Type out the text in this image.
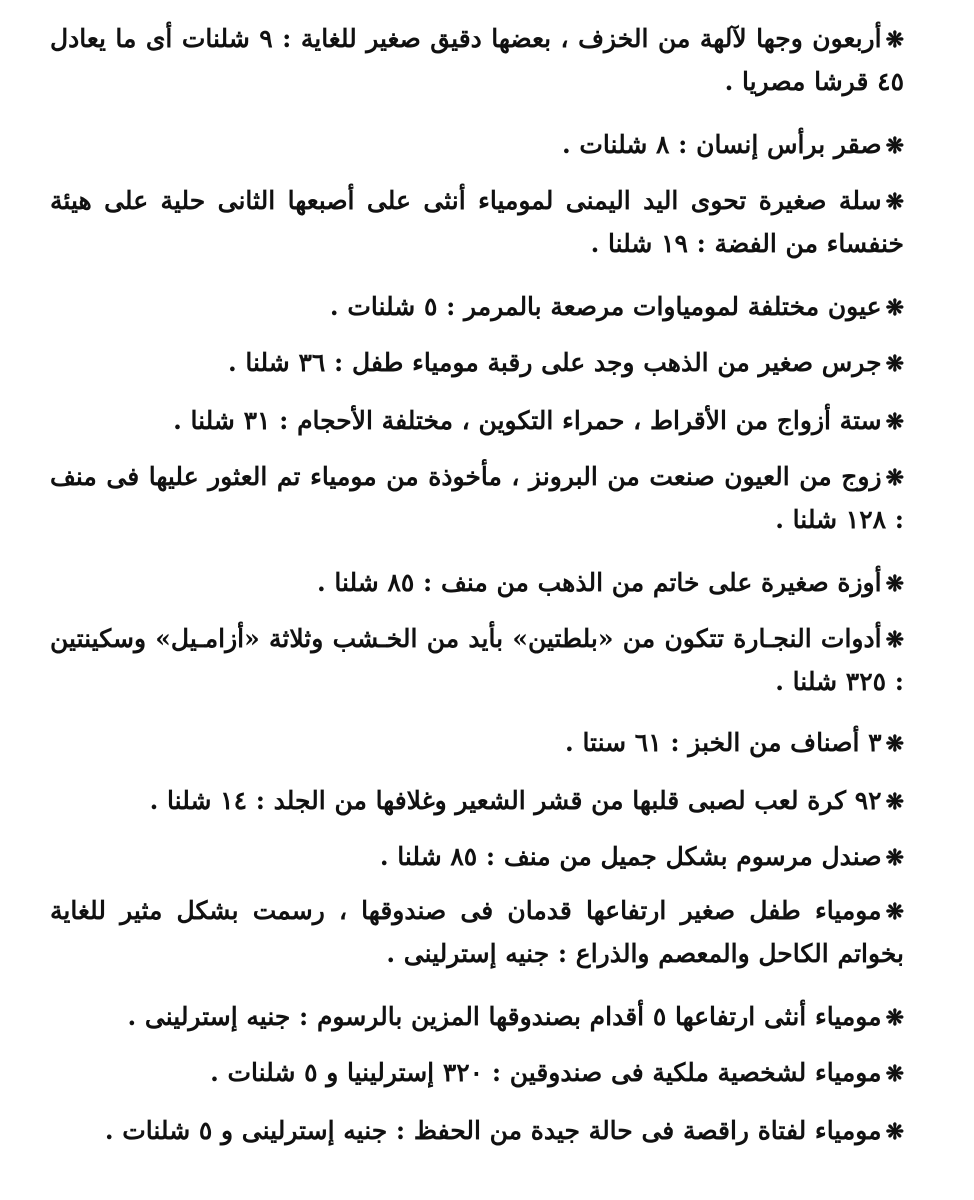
❋أربعون وجها لآلهة من الخزف ، بعضها دقيق صغير للغاية : ٩ شلنات أى ما يعادل ٤٥ قرشا مصريا .
❋صقر برأس إنسان : ٨ شلنات .
❋سلة صغيرة تحوى اليد اليمنى لمومياء أنثى على أصبعها الثانى حلية على هيئة خنفساء من الفضة : ١٩ شلنا .
❋عيون مختلفة لمومياوات مرصعة بالمرمر : ٥ شلنات .
❋جرس صغير من الذهب وجد على رقبة مومياء طفل : ٣٦ شلنا .
❋ستة أزواج من الأقراط ، حمراء التكوين ، مختلفة الأحجام : ٣١ شلنا .
❋زوج من العيون صنعت من البرونز ، مأخوذة من مومياء تم العثور عليها فى منف : ١٢٨ شلنا .
❋أوزة صغيرة على خاتم من الذهب من منف : ٨٥ شلنا .
❋أدوات النجـارة تتكون من «بلطتين» بأيد من الخـشب وثلاثة «أزامـيل» وسكينتين : ٣٢٥ شلنا .
❋٣ أصناف من الخبز : ٦١ سنتا .
❋٩٢ كرة لعب لصبى قلبها من قشر الشعير وغلافها من الجلد : ١٤ شلنا .
❋صندل مرسوم بشكل جميل من منف : ٨٥ شلنا .
❋مومياء طفل صغير ارتفاعها قدمان فى صندوقها ، رسمت بشكل مثير للغاية بخواتم الكاحل والمعصم والذراع : جنيه إسترلينى .
❋مومياء أنثى ارتفاعها ٥ أقدام بصندوقها المزين بالرسوم : جنيه إسترلينى .
❋مومياء لشخصية ملكية فى صندوقين : ٣٢٠ إسترلينيا و ٥ شلنات .
❋مومياء لفتاة راقصة فى حالة جيدة من الحفظ : جنيه إسترلينى و ٥ شلنات .
